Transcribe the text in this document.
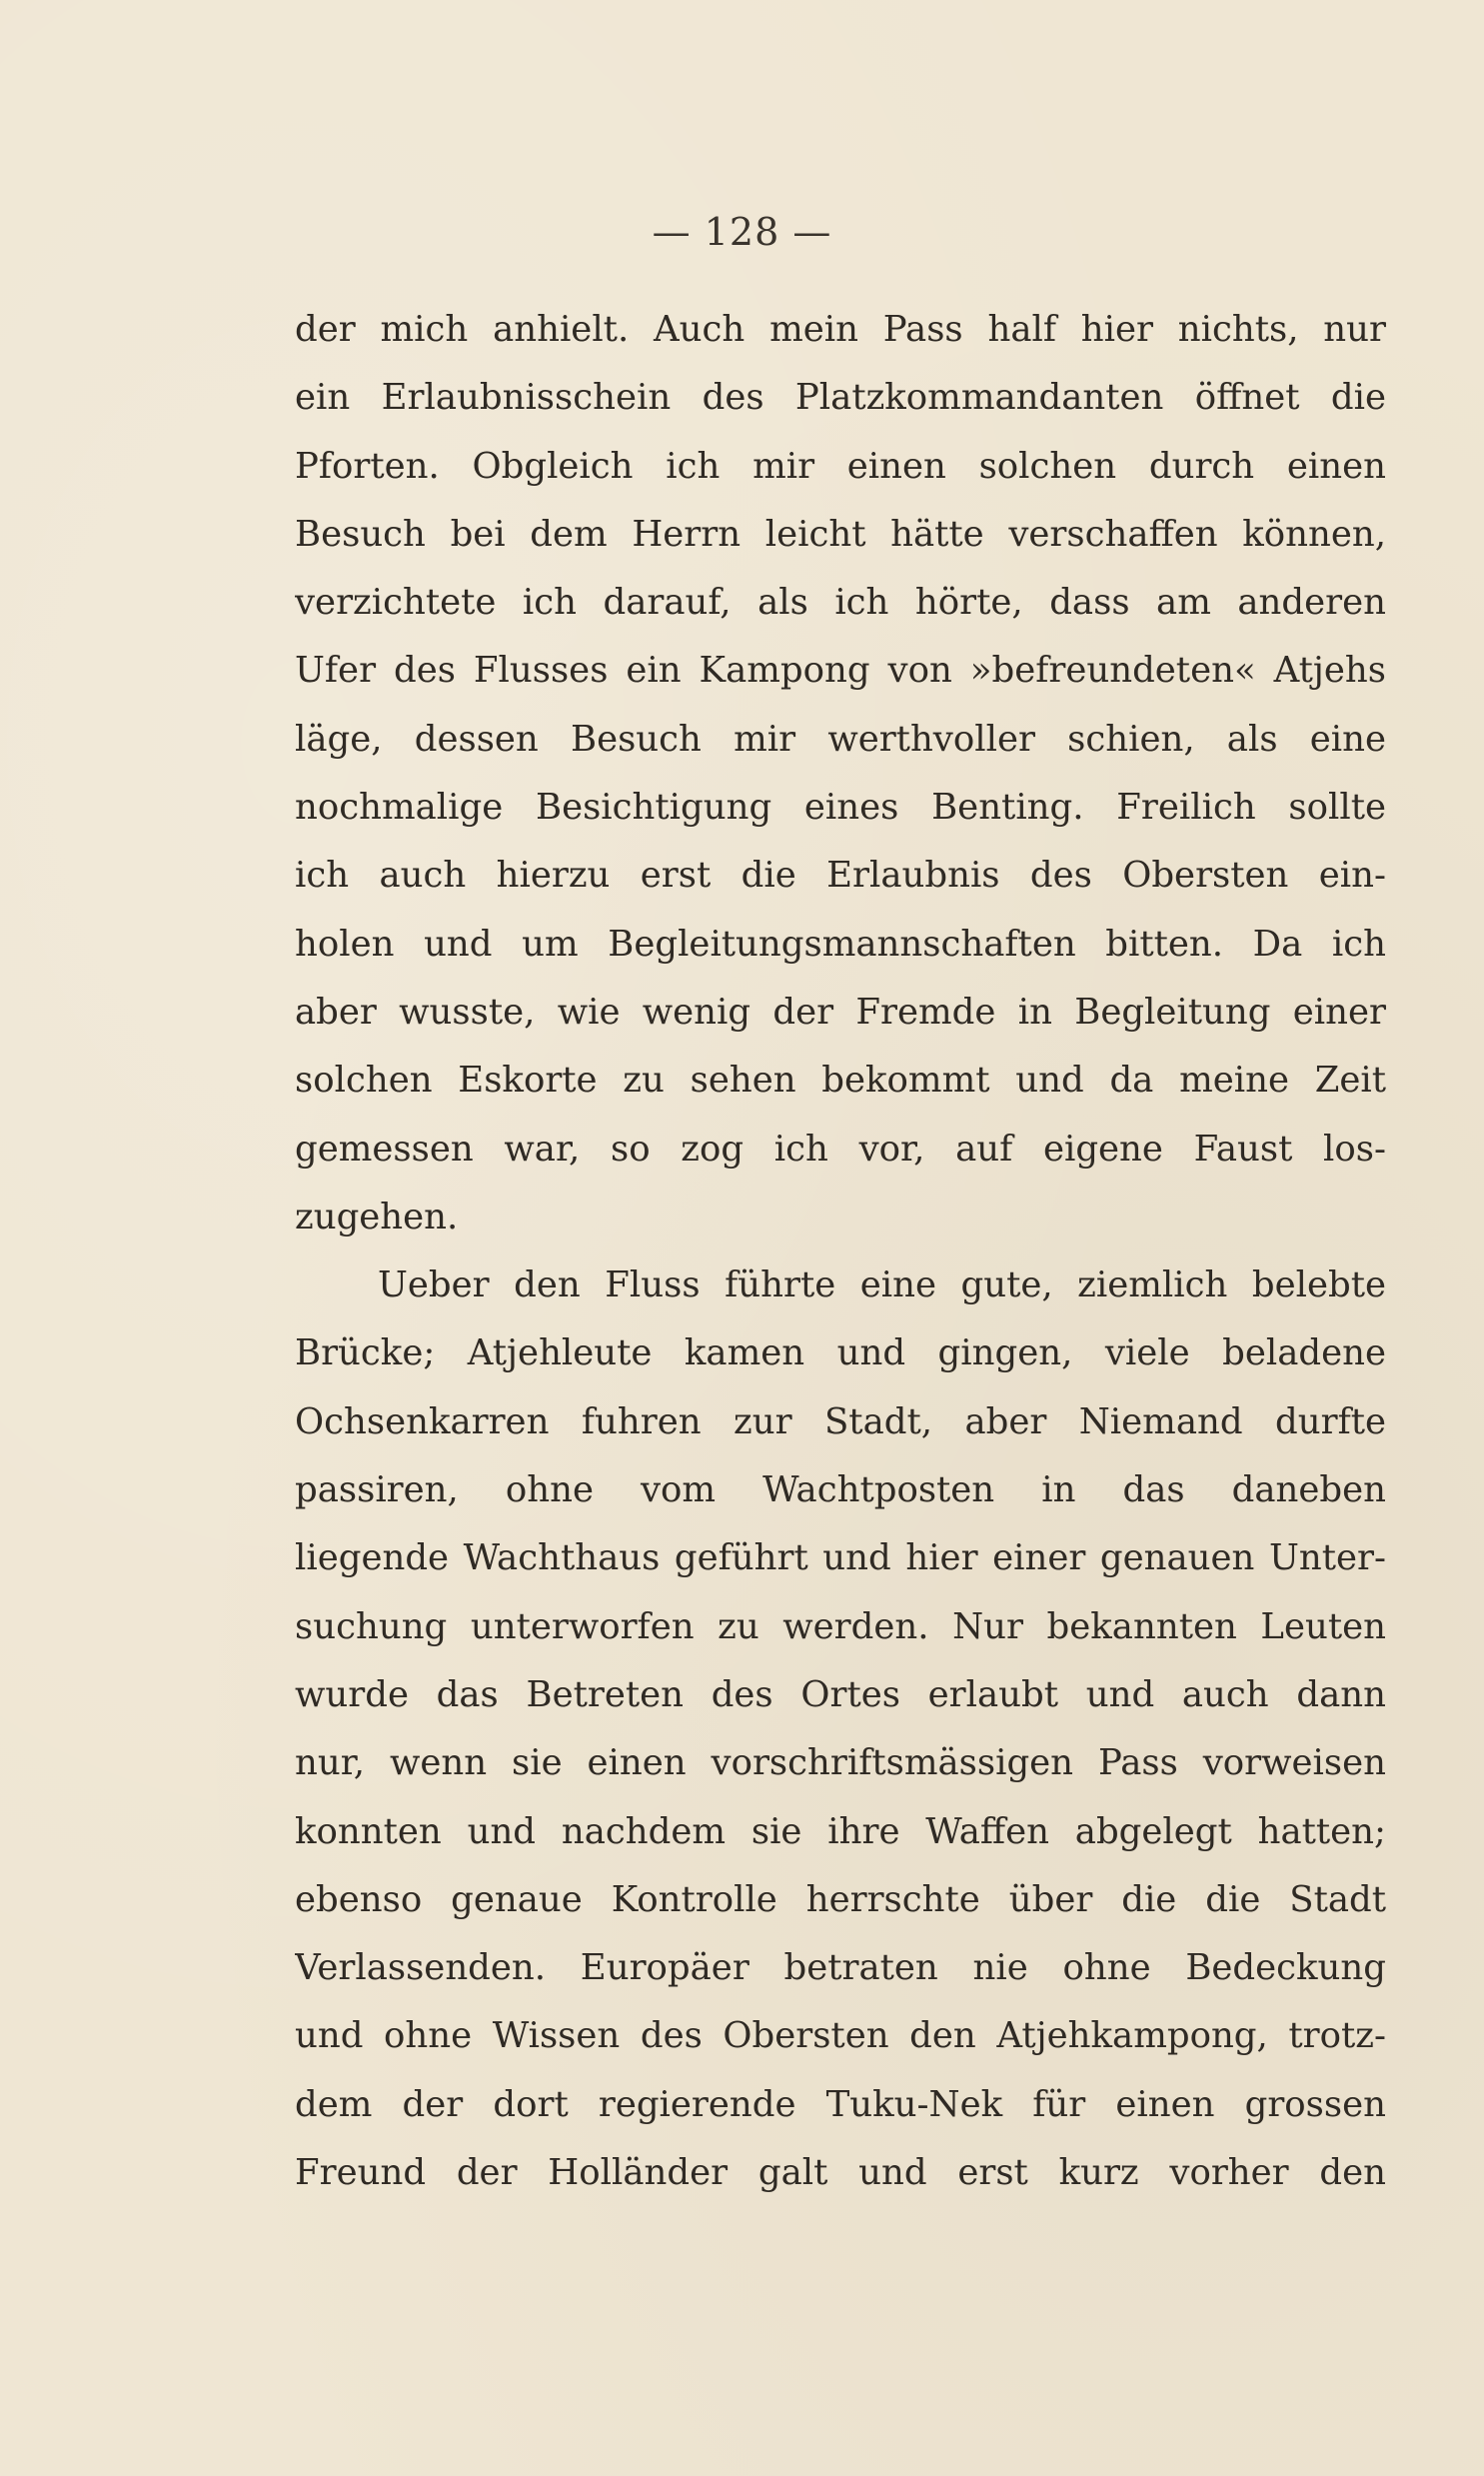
— 128 —
der mich anhielt. Auch mein Pass half hier nichts, nur
ein Erlaubnisschein des Platzkommandanten öffnet die
Pforten. Obgleich ich mir einen solchen durch einen
Besuch bei dem Herrn leicht hätte verschaffen können,
verzichtete ich darauf, als ich hörte, dass am anderen
Ufer des Flusses ein Kampong von »befreundeten« Atjehs
läge, dessen Besuch mir werthvoller schien, als eine
nochmalige Besichtigung eines Benting. Freilich sollte
ich auch hierzu erst die Erlaubnis des Obersten ein-
holen und um Begleitungsmannschaften bitten. Da ich
aber wusste, wie wenig der Fremde in Begleitung einer
solchen Eskorte zu sehen bekommt und da meine Zeit
gemessen war, so zog ich vor, auf eigene Faust los-
zugehen.
Ueber den Fluss führte eine gute, ziemlich belebte
Brücke; Atjehleute kamen und gingen, viele beladene
Ochsenkarren fuhren zur Stadt, aber Niemand durfte
passiren, ohne vom Wachtposten in das daneben
liegende Wachthaus geführt und hier einer genauen Unter-
suchung unterworfen zu werden. Nur bekannten Leuten
wurde das Betreten des Ortes erlaubt und auch dann
nur, wenn sie einen vorschriftsmässigen Pass vorweisen
konnten und nachdem sie ihre Waffen abgelegt hatten;
ebenso genaue Kontrolle herrschte über die die Stadt
Verlassenden. Europäer betraten nie ohne Bedeckung
und ohne Wissen des Obersten den Atjehkampong, trotz-
dem der dort regierende Tuku-Nek für einen grossen
Freund der Holländer galt und erst kurz vorher den
